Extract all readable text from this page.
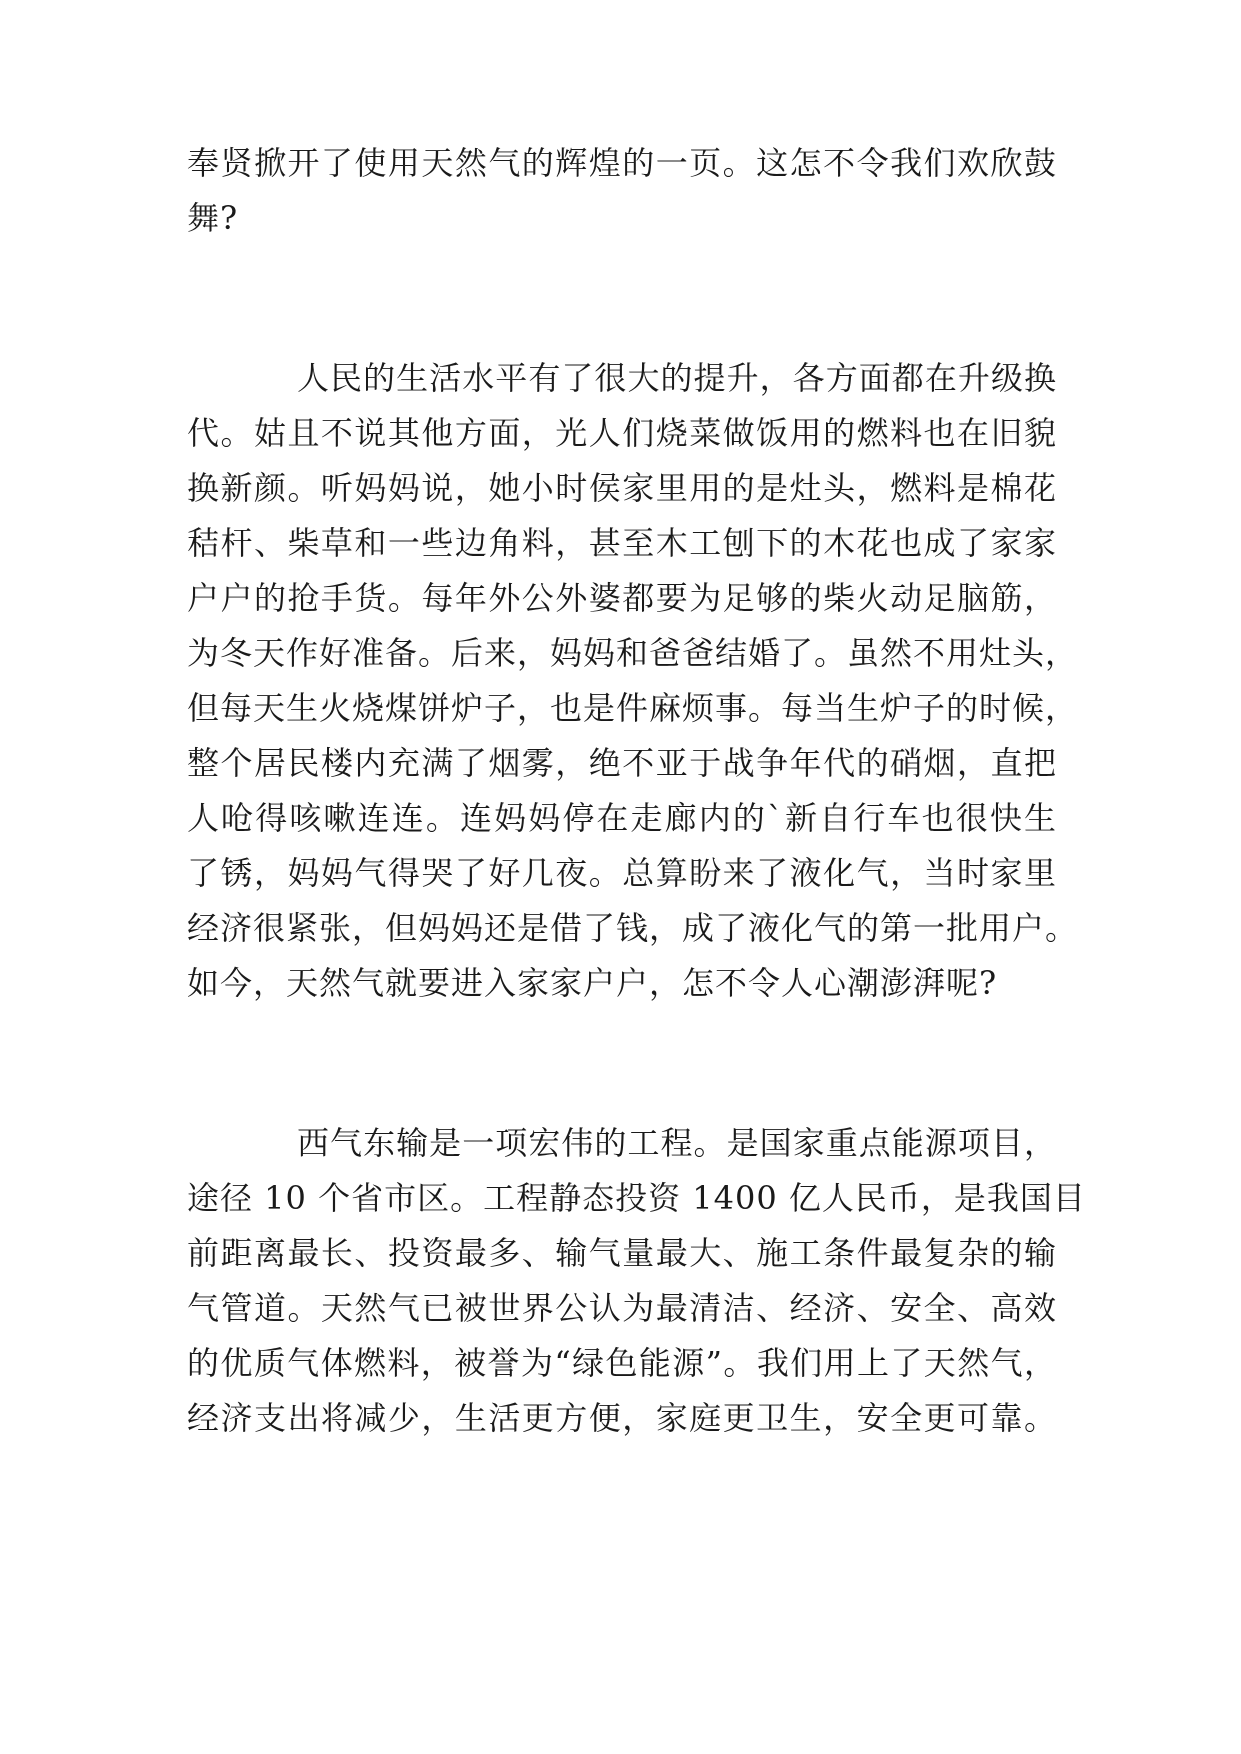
奉贤掀开了使用天然气的辉煌的一页。这怎不令我们欢欣鼓
舞?
人民的生活水平有了很大的提升，各方面都在升级换
代。姑且不说其他方面，光人们烧菜做饭用的燃料也在旧貌
换新颜。听妈妈说，她小时侯家里用的是灶头，燃料是棉花
秸杆、柴草和一些边角料，甚至木工刨下的木花也成了家家
户户的抢手货。每年外公外婆都要为足够的柴火动足脑筋，
为冬天作好准备。后来，妈妈和爸爸结婚了。虽然不用灶头，
但每天生火烧煤饼炉子，也是件麻烦事。每当生炉子的时候，
整个居民楼内充满了烟雾，绝不亚于战争年代的硝烟，直把
人呛得咳嗽连连。连妈妈停在走廊内的`新自行车也很快生
了锈，妈妈气得哭了好几夜。总算盼来了液化气，当时家里
经济很紧张，但妈妈还是借了钱，成了液化气的第一批用户。
如今，天然气就要进入家家户户，怎不令人心潮澎湃呢?
西气东输是一项宏伟的工程。是国家重点能源项目，
途径 10 个省市区。工程静态投资 1400 亿人民币，是我国目
前距离最长、投资最多、输气量最大、施工条件最复杂的输
气管道。天然气已被世界公认为最清洁、经济、安全、高效
的优质气体燃料，被誉为“绿色能源”。我们用上了天然气，
经济支出将减少，生活更方便，家庭更卫生，安全更可靠。
